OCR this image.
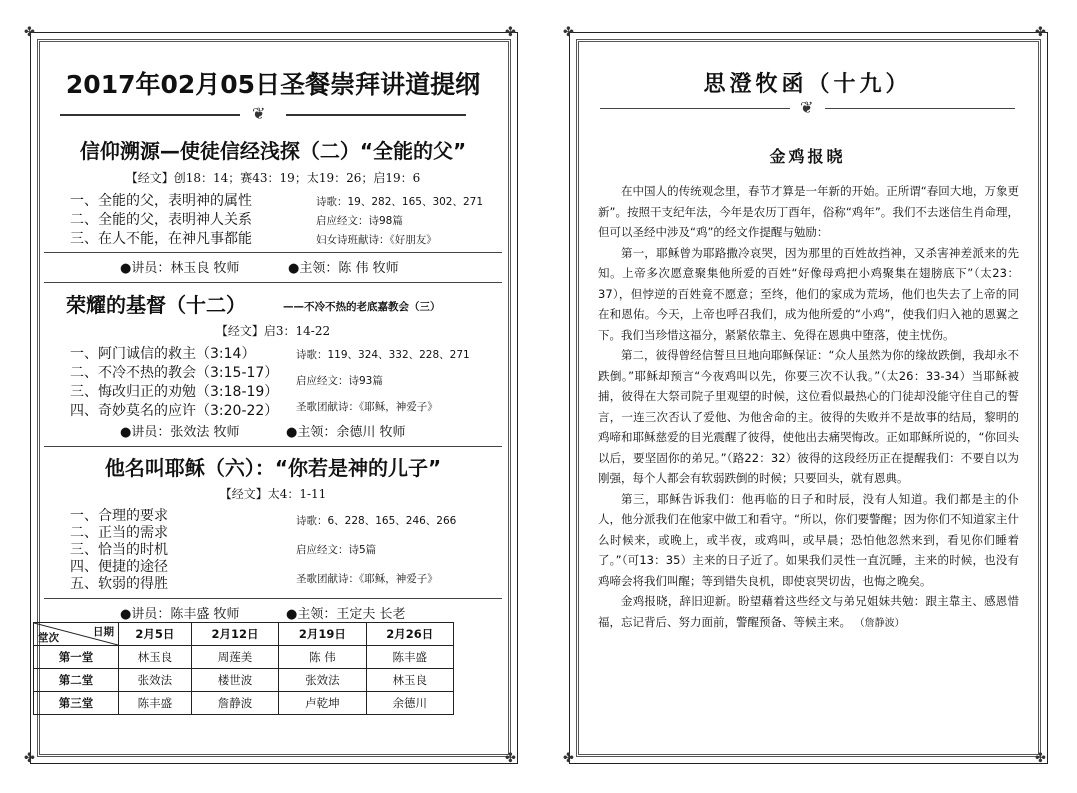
✤	✤
✤	✤
2017年02月05日圣餐崇拜讲道提纲
❦
信仰溯源—使徒信经浅探（二）“全能的父”
【经文】创18：14；赛43：19；太19：26；启19：6
一、全能的父，表明神的属性
二、全能的父，表明神人关系
三、在人不能，在神凡事都能
诗歌：19、282、165、302、271
启应经文：诗98篇
妇女诗班献诗：《好朋友》
●讲员：林玉良 牧师	●主领：陈 伟 牧师
荣耀的基督（十二）	——不冷不热的老底嘉教会（三）
【经文】启3：14-22
一、阿门诚信的救主（3:14）
二、不冷不热的教会（3:15-17）
三、悔改归正的劝勉（3:18-19）
四、奇妙莫名的应许（3:20-22）
诗歌：119、324、332、228、271
启应经文：诗93篇
圣歌团献诗：《耶稣，神爱子》
●讲员：张效法 牧师	●主领：余德川 牧师
他名叫耶稣（六）：“你若是神的儿子”
【经文】太4：1-11
一、合理的要求
二、正当的需求
三、恰当的时机
四、便捷的途径
五、软弱的得胜
诗歌：6、228、165、246、266
启应经文：诗5篇
圣歌团献诗：《耶稣，神爱子》
●讲员：陈丰盛 牧师	●主领：王定夫 长老
日期
堂次	2月5日	2月12日	2月19日	2月26日
第一堂	林玉良	周莲美	陈 伟	陈丰盛
第二堂	张效法	楼世波	张效法	林玉良
第三堂	陈丰盛	詹静波	卢乾坤	余德川
✤	✤
✤	✤
思澄牧函（十九）
❦
金鸡报晓

在中国人的传统观念里，春节才算是一年新的开始。正所谓“春回大地，万象更新”。按照干支纪年法，今年是农历丁酉年，俗称“鸡年”。我们不去迷信生肖命理，但可以圣经中涉及“鸡”的经文作提醒与勉励：

第一，耶稣曾为耶路撒冷哀哭，因为那里的百姓故挡神，又杀害神差派来的先知。上帝多次愿意聚集他所爱的百姓“好像母鸡把小鸡聚集在翅膀底下”（太23：37），但悖逆的百姓竟不愿意；至终，他们的家成为荒场，他们也失去了上帝的同在和恩佑。今天，上帝也呼召我们，成为他所爱的“小鸡”，使我们归入祂的恩翼之下。我们当珍惜这福分，紧紧依靠主、免得在恩典中堕落，使主忧伤。

第二，彼得曾经信誓旦旦地向耶稣保证：“众人虽然为你的缘故跌倒，我却永不跌倒。”耶稣却预言“今夜鸡叫以先，你要三次不认我。”（太26：33-34）当耶稣被捕，彼得在大祭司院子里观望的时候，这位看似最热心的门徒却没能守住自己的誓言，一连三次否认了爱他、为他舍命的主。彼得的失败并不是故事的结局，黎明的鸡啼和耶稣慈爱的目光震醒了彼得，使他出去痛哭悔改。正如耶稣所说的，“你回头以后，要坚固你的弟兄。”（路22：32）彼得的这段经历正在提醒我们：不要自以为刚强，每个人都会有软弱跌倒的时候；只要回头，就有恩典。

第三，耶稣告诉我们：他再临的日子和时辰，没有人知道。我们都是主的仆人，他分派我们在他家中做工和看守。“所以，你们要警醒；因为你们不知道家主什么时候来，或晚上，或半夜，或鸡叫，或早晨；恐怕他忽然来到，看见你们睡着了。”（可13：35）主来的日子近了。如果我们灵性一直沉睡，主来的时候，也没有鸡啼会将我们叫醒；等到错失良机，即使哀哭切齿，也悔之晚矣。

金鸡报晓，辞旧迎新。盼望藉着这些经文与弟兄姐妹共勉：跟主靠主、感恩惜福，忘记背后、努力面前，警醒预备、等候主来。 （詹静波）
